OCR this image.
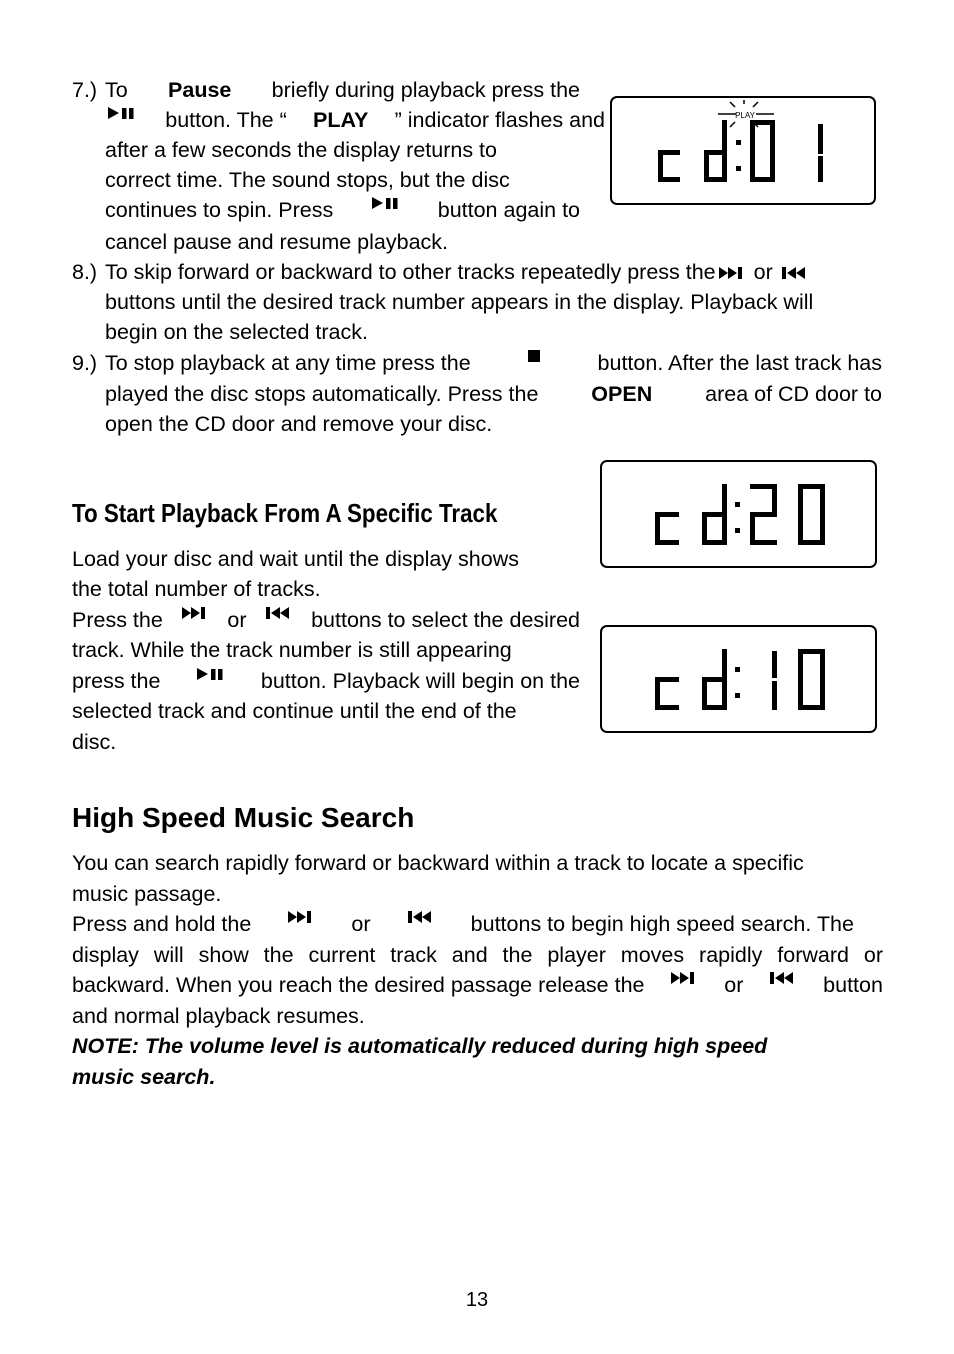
7.) To Pause briefly during playback press the
button. The “ PLAY ” indicator flashes and
after a few seconds the display returns to
correct time. The sound stops, but the disc
continues to spin. Press	button again to
cancel pause and resume playback.
8.) To skip forward or backward to other tracks repeatedly press the or
buttons until the desired track number appears in the display. Playback will
begin on the selected track.
9.) To stop playback at any time press the	button. After the last track has
played the disc stops automatically. Press the OPEN area of CD door to
open the CD door and remove your disc.
PLAY
To Start Playback From A Specific Track
Load your disc and wait until the display shows
the total number of tracks.
Press the	or	buttons to select the desired
track. While the track number is still appearing
press the	button. Playback will begin on the
selected track and continue until the end of the
disc.
High Speed Music Search
You can search rapidly forward or backward within a track to locate a specific
music passage.
Press and hold the	or	buttons to begin high speed search. The
display will show the current track and the player moves rapidly forward or
backward. When you reach the desired passage release the	or	button
and normal playback resumes.
NOTE: The volume level is automatically reduced during high speed
music search.
13
